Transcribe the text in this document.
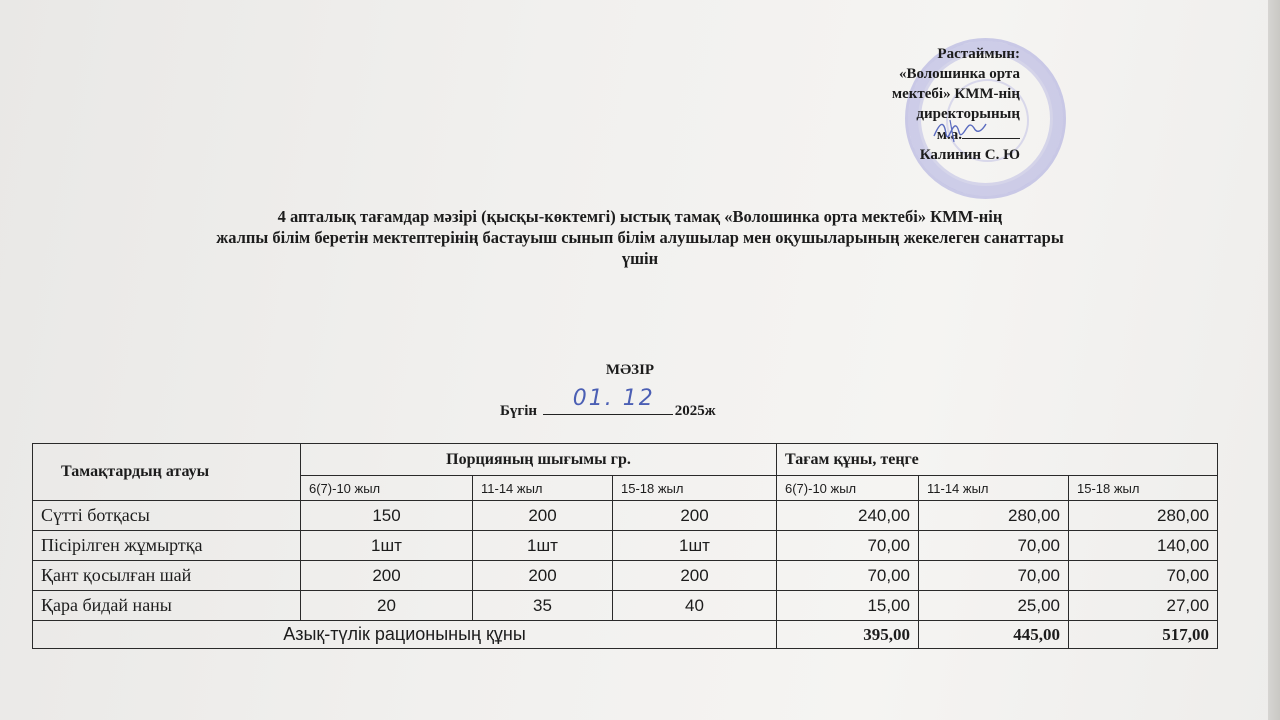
Растаймын:
«Волошинка орта
мектебі» КММ-нің
директорының
м.а.
Калинин С. Ю
4 апталық тағамдар мәзірі (қысқы-көктемгі) ыстық тамақ «Волошинка орта мектебі» КММ-нің
жалпы білім беретін мектептерінің бастауыш сынып білім алушылар мен оқушыларының жекелеген санаттары
үшін
МӘЗІР
Бүгін 01. 12 2025ж
Тамақтардың атауы	Порцияның шығымы гр.			Тағам құны, теңге		
	6(7)-10 жыл	11-14 жыл	15-18 жыл	6(7)-10 жыл	11-14 жыл	15-18 жыл
Сүтті ботқасы	150	200	200	240,00	280,00	280,00
Пісірілген жұмыртқа	1шт	1шт	1шт	70,00	70,00	140,00
Қант қосылған шай	200	200	200	70,00	70,00	70,00
Қара бидай наны	20	35	40	15,00	25,00	27,00
Азық-түлік рационының құны				395,00	445,00	517,00
